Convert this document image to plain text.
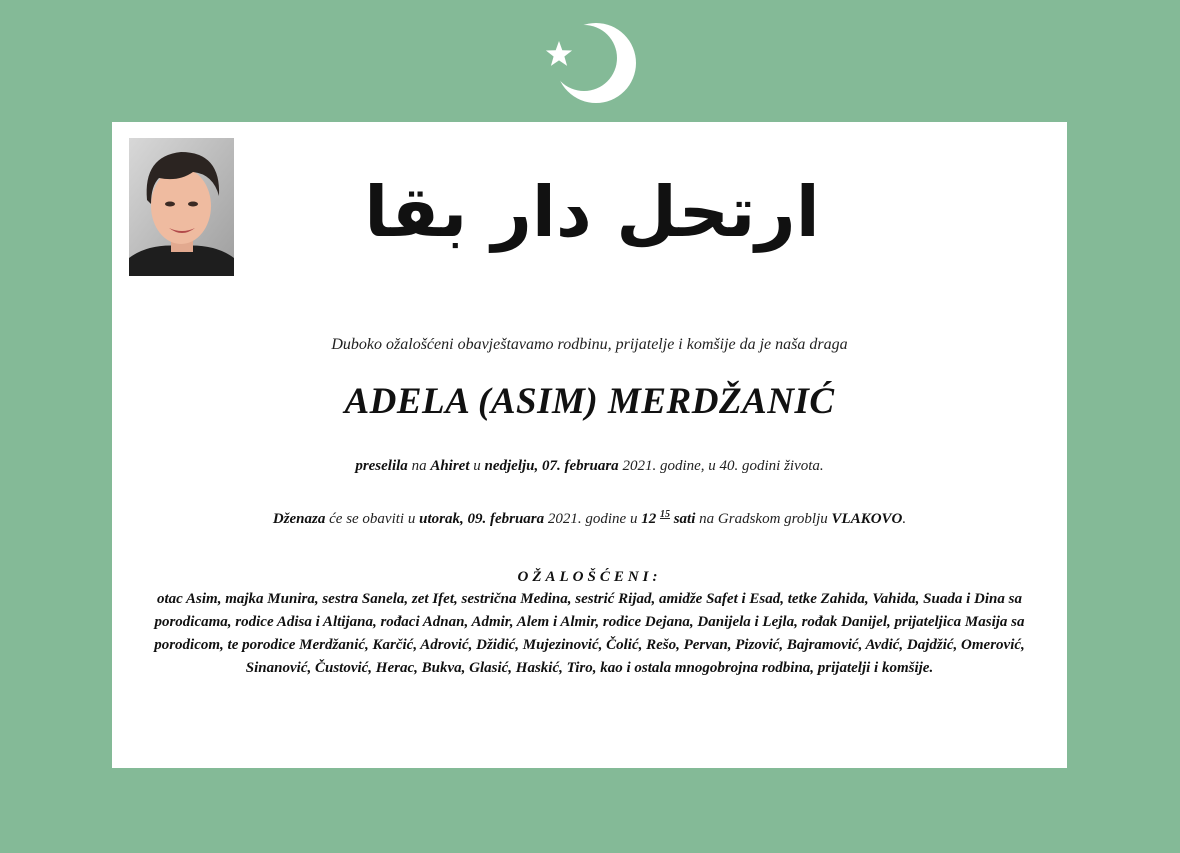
ارتحل دار بقا
Duboko ožalošćeni obavještavamo rodbinu, prijatelje i komšije da je naša draga
ADELA (ASIM) MERDŽANIĆ
preselila na Ahiret u nedjelju, 07. februara 2021. godine, u 40. godini života.
Dženaza će se obaviti u utorak, 09. februara 2021. godine u 12 $^{15}$ sati na Gradskom groblju VLAKOVO.
OŽALOŠĆENI:
otac Asim, majka Munira, sestra Sanela, zet Ifet, sestrična Medina, sestrić Rijad, amidže Safet i Esad, tetke Zahida, Vahida, Suada i Dina sa porodicama, rodice Adisa i Altijana, rođaci Adnan, Admir, Alem i Almir, rodice Dejana, Danijela i Lejla, rođak Danijel, prijateljica Masija sa porodicom, te porodice Merdžanić, Karčić, Adrović, Džidić, Mujezinović, Čolić, Rešo, Pervan, Pizović, Bajramović, Avdić, Dajdžić, Omerović, Sinanović, Čustović, Herac, Bukva, Glasić, Haskić, Tiro, kao i ostala mnogobrojna rodbina, prijatelji i komšije.
